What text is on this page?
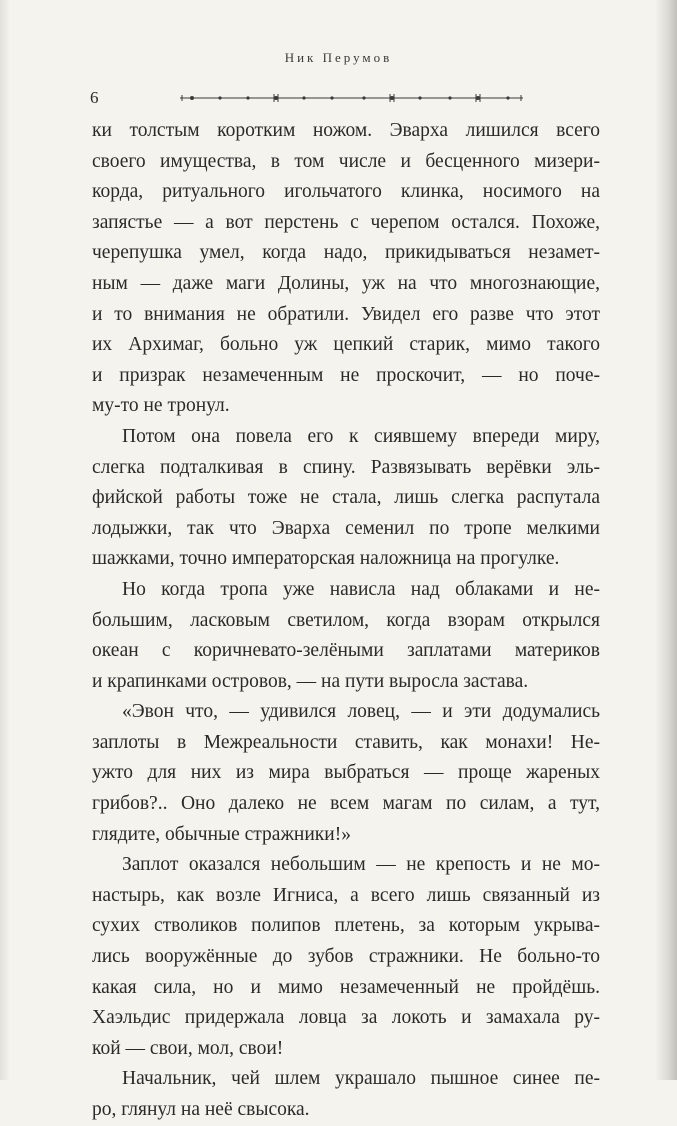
Ник Перумов
6
ки толстым коротким ножом. Эварха лишился всего
своего имущества, в том числе и бесценного мизери-
корда, ритуального игольчатого клинка, носимого на
запястье — а вот перстень с черепом остался. Похоже,
черепушка умел, когда надо, прикидываться незамет-
ным — даже маги Долины, уж на что многознающие,
и то внимания не обратили. Увидел его разве что этот
их Архимаг, больно уж цепкий старик, мимо такого
и призрак незамеченным не проскочит, — но поче-
му-то не тронул.
Потом она повела его к сиявшему впереди миру,
слегка подталкивая в спину. Развязывать верёвки эль-
фийской работы тоже не стала, лишь слегка распутала
лодыжки, так что Эварха семенил по тропе мелкими
шажками, точно императорская наложница на прогулке.
Но когда тропа уже нависла над облаками и не-
большим, ласковым светилом, когда взорам открылся
океан с коричневато-зелёными заплатами материков
и крапинками островов, — на пути выросла застава.
«Эвон что, — удивился ловец, — и эти додумались
заплоты в Межреальности ставить, как монахи! Не-
ужто для них из мира выбраться — проще жареных
грибов?.. Оно далеко не всем магам по силам, а тут,
глядите, обычные стражники!»
Заплот оказался небольшим — не крепость и не мо-
настырь, как возле Игниса, а всего лишь связанный из
сухих стволиков полипов плетень, за которым укрыва-
лись вооружённые до зубов стражники. Не больно-то
какая сила, но и мимо незамеченный не пройдёшь.
Хаэльдис придержала ловца за локоть и замахала ру-
кой — свои, мол, свои!
Начальник, чей шлем украшало пышное синее пе-
ро, глянул на неё свысока.
